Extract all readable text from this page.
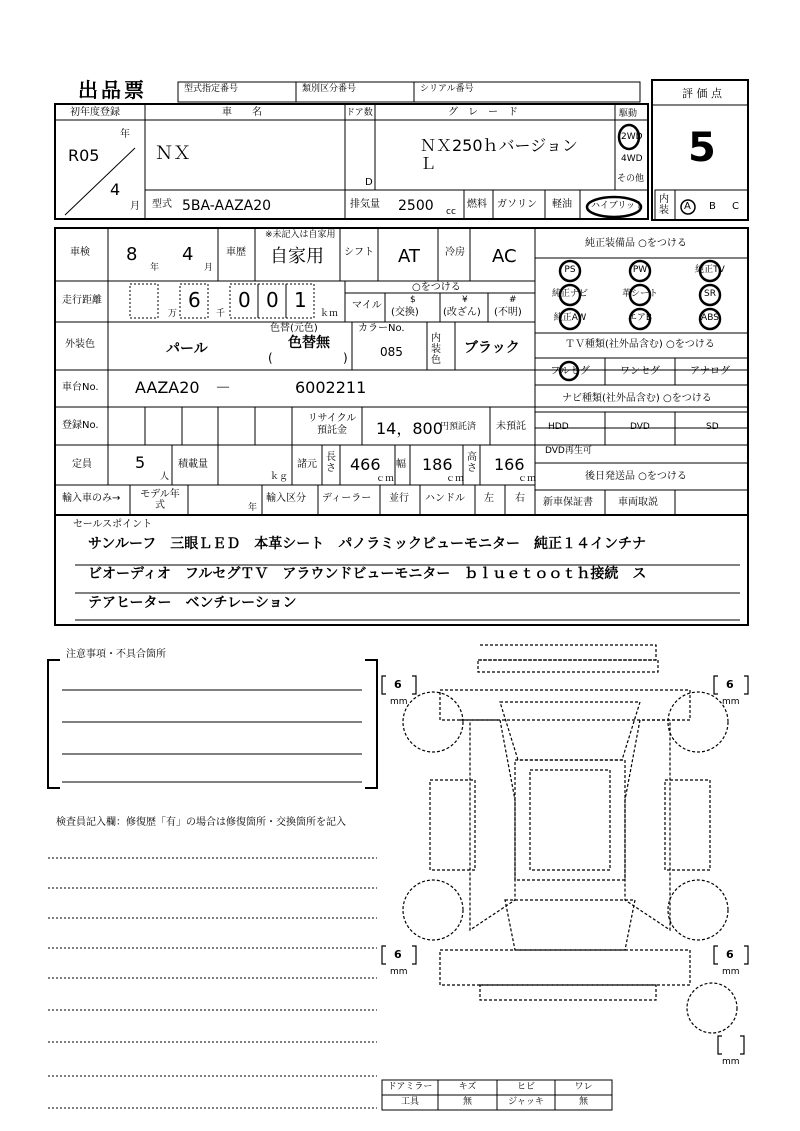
出品票	型式指定番号	類別区分番号	シリアル番号	評 価 点
5
初年度登録
年
R05
4
月
車　　名
ＮＸ
ドア数
D
グ　レ　ー　ド
ＮＸ250ｈバージョン
Ｌ
駆動
2WD
4WD
その他
型式 5BA-AAZA20	排気量 2500 cc
燃料 ガソリン 軽油 ハイブリット
内装 A B C
車検 8
年
4
月
車歴
※未記入は自家用
自家用 シフト AT	冷房 AC
走行距離
万
6
千
0 0 1
ｋｍ
○をつける
マイル	$
(交換)
¥
(改ざん)
#
(不明)
外装色	パール
色替(元色)
色替無
(	)
カラーNo.
085
内装色
ブラック
車台No. AAZA20 －	6002211
登録No.
リサイクル預託金	14，800
円預託済 未預託
定員	5
人
積載量
ｋｇ
諸元
長さ 466
ｃｍ
幅 186
ｃｍ
高さ 166
ｃｍ
輸入車のみ→	モデル年式	年
輸入区分 ディーラー 並行 ハンドル 左 右
純正装備品 ○をつける
PS	PW	純正TV
純正ナビ	革シート	SR
純正AW	エアB	ABS
ＴＶ種類(社外品含む) ○をつける
フルセグ	ワンセグ	アナログ
ナビ種類(社外品含む) ○をつける
HDD	DVD	SD
DVD再生可
後日発送品 ○をつける
新車保証書	車両取説
セールスポイント
サンルーフ　三眼ＬＥＤ　本革シート　パノラミックビューモニター　純正１４インチナ
ビオーディオ　フルセグＴＶ　アラウンドビューモニター　ｂｌｕｅｔｏｏｔｈ接続　ス
テアヒーター　ベンチレーション
注意事項・不具合箇所
検査員記入欄：修復歴「有」の場合は修復箇所・交換箇所を記入
6
mm
6
mm
6
mm
6
mm
mm
ドアミラー	キズ	ヒビ	ワレ
工具	無	ジャッキ	無
